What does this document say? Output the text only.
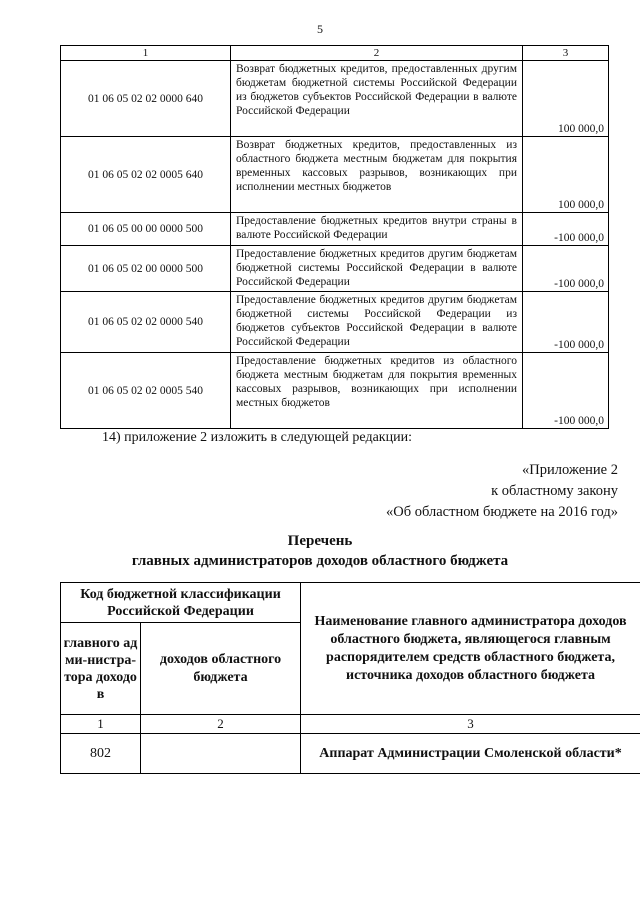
5
1	2	3
01 06 05 02 02 0000 640	Возврат бюджетных кредитов, предоставленных другим бюджетам бюджетной системы Российской Федерации из бюджетов субъектов Российской Федерации в валюте Российской Федерации	100 000,0
01 06 05 02 02 0005 640	Возврат бюджетных кредитов, предоставленных из областного бюджета местным бюджетам для покрытия временных кассовых разрывов, возникающих при исполнении местных бюджетов	100 000,0
01 06 05 00 00 0000 500	Предоставление бюджетных кредитов внутри страны в валюте Российской Федерации	-100 000,0
01 06 05 02 00 0000 500	Предоставление бюджетных кредитов другим бюджетам бюджетной системы Российской Федерации в валюте Российской Федерации	-100 000,0
01 06 05 02 02 0000 540	Предоставление бюджетных кредитов другим бюджетам бюджетной системы Российской Федерации из бюджетов субъектов Российской Федерации в валюте Российской Федерации	-100 000,0
01 06 05 02 02 0005 540	Предоставление бюджетных кредитов из областного бюджета местным бюджетам для покрытия временных кассовых разрывов, возникающих при исполнении местных бюджетов	-100 000,0
14) приложение 2 изложить в следующей редакции:
«Приложение 2
к областному закону
«Об областном бюджете на 2016 год»
Перечень
главных администраторов доходов областного бюджета
Код бюджетной классификации Российской Федерации		Наименование главного администратора доходов областного бюджета, являющегося главным распорядителем средств областного бюджета, источника доходов областного бюджета
главного адми-нистра-тора доходов	доходов областного бюджета	
1	2	3
802		Аппарат Администрации Смоленской области*
